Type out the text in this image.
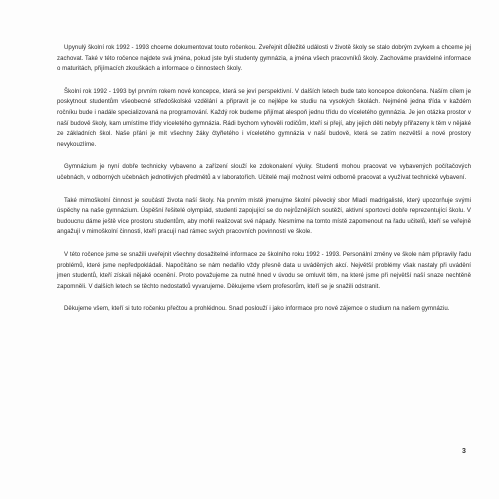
Upynulý školní rok 1992 - 1993 chceme dokumentovat touto ročenkou. Zveřejnit důležité události v životě školy se stalo dobrým zvykem a chceme jej zachovat. Také v této ročence najdete svá jména, pokud jste byli studenty gymnázia, a jména všech pracovníků školy. Zachováme pravidelné informace o maturitách, přijímacích zkouškách a informace o činnostech školy.

Školní rok 1992 - 1993 byl prvním rokem nové koncepce, která se jeví perspektivní. V dalších letech bude tato koncepce dokončena. Naším cílem je poskytnout studentům všeobecné středoškolské vzdělání a připravit je co nejlépe ke studiu na vysokých školách. Nejméně jedna třída v každém ročníku bude i nadále specializovaná na programování. Každý rok budeme přijímat alespoň jednu třídu do víceletého gymnázia. Je jen otázka prostor v naší budově školy, kam umístíme třídy víceletého gymnázia. Rádi bychom vyhověli rodičům, kteří si přejí, aby jejich děti nebyly přiřazeny k těm v nějaké ze základních škol. Naše přání je mít všechny žáky čtyřletého i víceletého gymnázia v naší budově, která se zatím nezvětší a nové prostory nevykouzlíme.

Gymnázium je nyní dobře technicky vybaveno a zařízení slouží ke zdokonalení výuky. Studenti mohou pracovat ve vybavených počítačových učebnách, v odborných učebnách jednotlivých předmětů a v laboratořích. Učitelé mají možnost velmi odborně pracovat a využívat technické vybavení.

Také mimoškolní činnost je součástí života naší školy. Na prvním místě jmenujme školní pěvecký sbor Mladí madrigalisté, který upozorňuje svými úspěchy na naše gymnázium. Úspěšní řešitelé olympiád, studenti zapojující se do nejrůznějších soutěží, aktivní sportovci dobře reprezentující školu. V budoucnu dáme ještě více prostoru studentům, aby mohli realizovat své nápady. Nesmíme na tomto místě zapomenout na řadu učitelů, kteří se veřejně angažují v mimoškolní činnosti, kteří pracují nad rámec svých pracovních povinností ve škole.

V této ročence jsme se snažili uveřejnit všechny dosažitelné informace ze školního roku 1992 - 1993. Personální změny ve škole nám připravily řadu problémů, které jsme nepředpokládali. Napočítáno se nám nedařilo vždy přesně data u uváděných akcí. Největší problémy však nastaly při uvádění jmen studentů, kteří získali nějaké ocenění. Proto považujeme za nutné hned v úvodu se omluvit těm, na které jsme při největší naší snaze nechtěně zapomněli. V dalších letech se těchto nedostatků vyvarujeme. Děkujeme všem profesorům, kteří se je snažili odstranit.

Děkujeme všem, kteří si tuto ročenku přečtou a prohlédnou. Snad poslouží i jako informace pro nové zájemce o studium na našem gymnáziu.

3
